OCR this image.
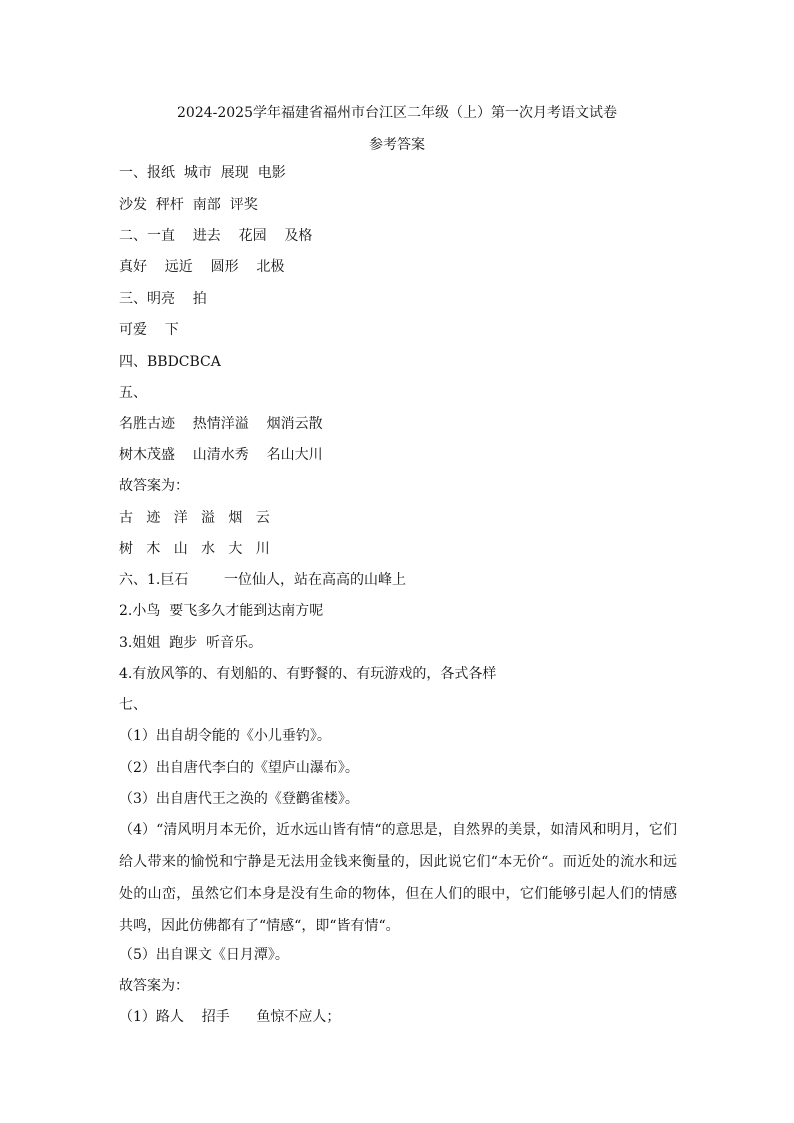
2024-2025学年福建省福州市台江区二年级（上）第一次月考语文试卷
参考答案
一、报纸  城市  展现  电影
沙发  秤杆  南部  评奖
二、一直    进去    花园    及格
真好    远近    圆形    北极
三、明亮    拍
可爱    下
四、BBDCBCA
五、
名胜古迹    热情洋溢    烟消云散
树木茂盛    山清水秀    名山大川
故答案为：
古   迹   洋   溢   烟   云
树   木   山   水   大   川
六、1.巨石        一位仙人，站在高高的山峰上
2.小鸟  要飞多久才能到达南方呢
3.姐姐  跑步  听音乐。
4.有放风筝的、有划船的、有野餐的、有玩游戏的，各式各样
七、
（1）出自胡令能的《小儿垂钓》。
（2）出自唐代李白的《望庐山瀑布》。
（3）出自唐代王之涣的《登鹳雀楼》。
（4）“清风明月本无价，近水远山皆有情“的意思是，自然界的美景，如清风和明月，它们给人带来的愉悦和宁静是无法用金钱来衡量的，因此说它们“本无价“。而近处的流水和远处的山峦，虽然它们本身是没有生命的物体，但在人们的眼中，它们能够引起人们的情感共鸣，因此仿佛都有了“情感“，即“皆有情“。
（5）出自课文《日月潭》。
故答案为：
（1）路人    招手      鱼惊不应人；
